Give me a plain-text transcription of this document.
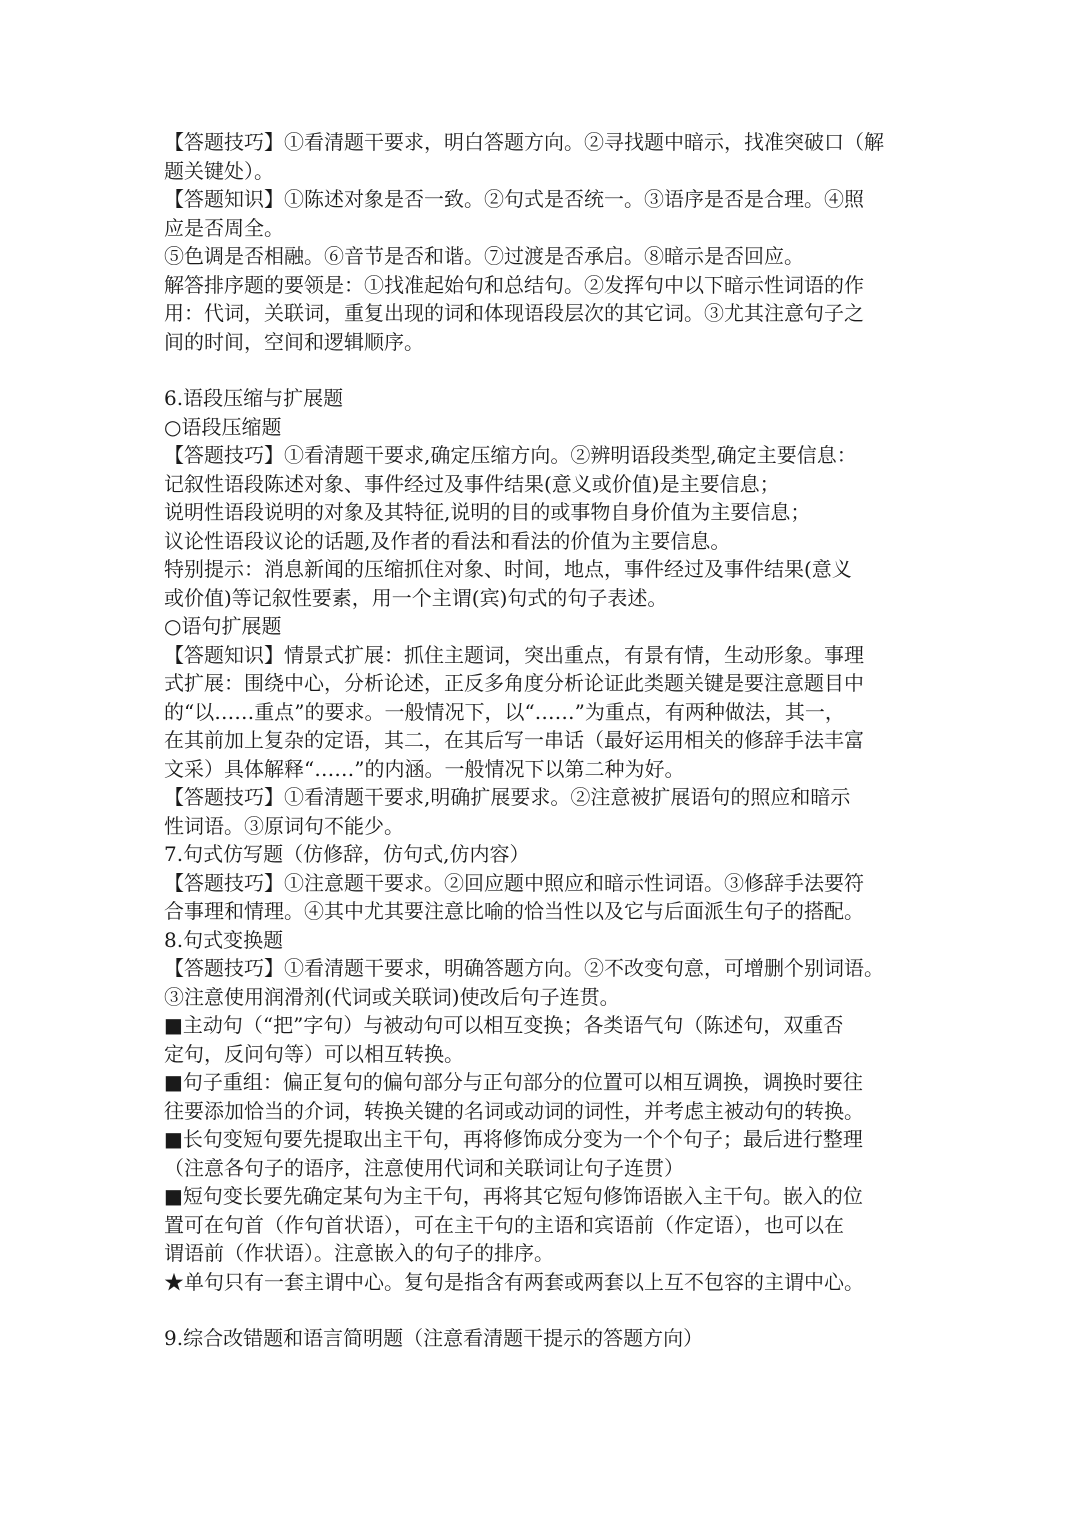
【答题技巧】①看清题干要求，明白答题方向。②寻找题中暗示，找准突破口（解
题关键处）。
【答题知识】①陈述对象是否一致。②句式是否统一。③语序是否是合理。④照
应是否周全。
⑤色调是否相融。⑥音节是否和谐。⑦过渡是否承启。⑧暗示是否回应。
解答排序题的要领是：①找准起始句和总结句。②发挥句中以下暗示性词语的作
用：代词，关联词，重复出现的词和体现语段层次的其它词。③尤其注意句子之
间的时间，空间和逻辑顺序。
6.语段压缩与扩展题
○语段压缩题
【答题技巧】①看清题干要求,确定压缩方向。②辨明语段类型,确定主要信息：
记叙性语段陈述对象、事件经过及事件结果(意义或价值)是主要信息；
说明性语段说明的对象及其特征,说明的目的或事物自身价值为主要信息；
议论性语段议论的话题,及作者的看法和看法的价值为主要信息。
特别提示：消息新闻的压缩抓住对象、时间，地点，事件经过及事件结果(意义
或价值)等记叙性要素，用一个主谓(宾)句式的句子表述。
○语句扩展题
【答题知识】情景式扩展：抓住主题词，突出重点，有景有情，生动形象。事理
式扩展：围绕中心，分析论述，正反多角度分析论证此类题关键是要注意题目中
的“以……重点”的要求。一般情况下，以“……”为重点，有两种做法，其一，
在其前加上复杂的定语，其二，在其后写一串话（最好运用相关的修辞手法丰富
文采）具体解释“……”的内涵。一般情况下以第二种为好。
【答题技巧】①看清题干要求,明确扩展要求。②注意被扩展语句的照应和暗示
性词语。③原词句不能少。
7.句式仿写题（仿修辞，仿句式,仿内容）
【答题技巧】①注意题干要求。②回应题中照应和暗示性词语。③修辞手法要符
合事理和情理。④其中尤其要注意比喻的恰当性以及它与后面派生句子的搭配。
8.句式变换题
【答题技巧】①看清题干要求，明确答题方向。②不改变句意，可增删个别词语。
③注意使用润滑剂(代词或关联词)使改后句子连贯。
■主动句（“把”字句）与被动句可以相互变换；各类语气句（陈述句，双重否
定句，反问句等）可以相互转换。
■句子重组：偏正复句的偏句部分与正句部分的位置可以相互调换，调换时要往
往要添加恰当的介词，转换关键的名词或动词的词性，并考虑主被动句的转换。
■长句变短句要先提取出主干句，再将修饰成分变为一个个句子；最后进行整理
（注意各句子的语序，注意使用代词和关联词让句子连贯）
■短句变长要先确定某句为主干句，再将其它短句修饰语嵌入主干句。嵌入的位
置可在句首（作句首状语），可在主干句的主语和宾语前（作定语），也可以在
谓语前（作状语）。注意嵌入的句子的排序。
★单句只有一套主谓中心。复句是指含有两套或两套以上互不包容的主谓中心。
9.综合改错题和语言简明题（注意看清题干提示的答题方向）
